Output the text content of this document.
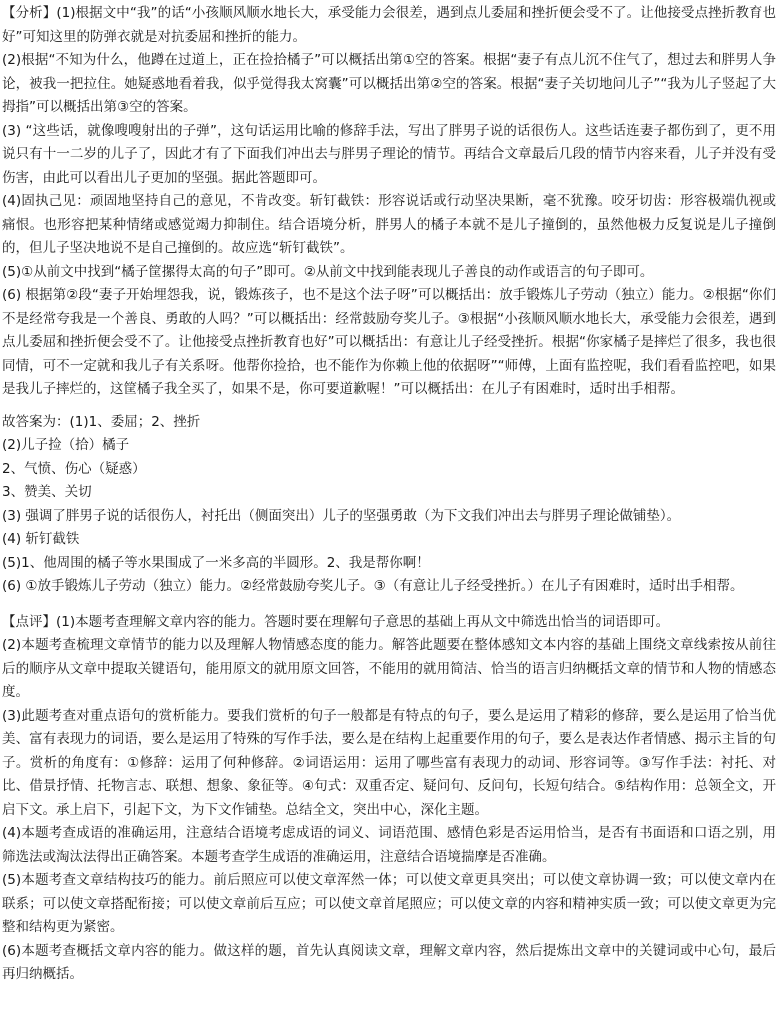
【分析】(1)根据文中“我”的话“小孩顺风顺水地长大，承受能力会很差，遇到点儿委屈和挫折便会受不了。让他接受点挫折教育也好”可知这里的防弹衣就是对抗委屈和挫折的能力。

(2)根据“不知为什么，他蹲在过道上，正在捡拾橘子”可以概括出第①空的答案。根据“妻子有点儿沉不住气了，想过去和胖男人争论，被我一把拉住。她疑惑地看着我，似乎觉得我太窝囊”可以概括出第②空的答案。根据“妻子关切地问儿子”“我为儿子竖起了大拇指”可以概括出第③空的答案。

(3) “这些话，就像嗖嗖射出的子弹”，这句话运用比喻的修辞手法，写出了胖男子说的话很伤人。这些话连妻子都伤到了，更不用说只有十一二岁的儿子了，因此才有了下面我们冲出去与胖男子理论的情节。再结合文章最后几段的情节内容来看，儿子并没有受伤害，由此可以看出儿子更加的坚强。据此答题即可。

(4)固执己见：顽固地坚持自己的意见，不肯改变。斩钉截铁：形容说话或行动坚决果断，毫不犹豫。咬牙切齿：形容极端仇视或痛恨。也形容把某种情绪或感觉竭力抑制住。结合语境分析，胖男人的橘子本就不是儿子撞倒的，虽然他极力反复说是儿子撞倒的，但儿子坚决地说不是自己撞倒的。故应选“斩钉截铁”。

(5)①从前文中找到“橘子筐摞得太高的句子”即可。②从前文中找到能表现儿子善良的动作或语言的句子即可。

(6) 根据第②段“妻子开始埋怨我，说，锻炼孩子，也不是这个法子呀”可以概括出：放手锻炼儿子劳动（独立）能力。②根据“你们不是经常夸我是一个善良、勇敢的人吗？”可以概括出：经常鼓励夸奖儿子。③根据“小孩顺风顺水地长大，承受能力会很差，遇到点儿委屈和挫折便会受不了。让他接受点挫折教育也好”可以概括出：有意让儿子经受挫折。根据“你家橘子是摔烂了很多，我也很同情，可不一定就和我儿子有关系呀。他帮你捡拾，也不能作为你赖上他的依据呀”“师傅，上面有监控呢，我们看看监控吧，如果是我儿子摔烂的，这筐橘子我全买了，如果不是，你可要道歉喔！”可以概括出：在儿子有困难时，适时出手相帮。

故答案为：(1)1、委屈；2、挫折

(2)儿子捡（拾）橘子

2、气愤、伤心（疑惑）

3、赞美、关切

(3) 强调了胖男子说的话很伤人，衬托出（侧面突出）儿子的坚强勇敢（为下文我们冲出去与胖男子理论做铺垫）。

(4) 斩钉截铁

(5)1、他周围的橘子等水果围成了一米多高的半圆形。2、我是帮你啊！

(6) ①放手锻炼儿子劳动（独立）能力。②经常鼓励夸奖儿子。③（有意让儿子经受挫折。）在儿子有困难时，适时出手相帮。

【点评】(1)本题考查理解文章内容的能力。答题时要在理解句子意思的基础上再从文中筛选出恰当的词语即可。

(2)本题考查梳理文章情节的能力以及理解人物情感态度的能力。解答此题要在整体感知文本内容的基础上围绕文章线索按从前往后的顺序从文章中提取关键语句，能用原文的就用原文回答，不能用的就用简洁、恰当的语言归纳概括文章的情节和人物的情感态度。

(3)此题考查对重点语句的赏析能力。要我们赏析的句子一般都是有特点的句子，要么是运用了精彩的修辞，要么是运用了恰当优美、富有表现力的词语，要么是运用了特殊的写作手法，要么是在结构上起重要作用的句子，要么是表达作者情感、揭示主旨的句子。赏析的角度有：①修辞：运用了何种修辞。②词语运用：运用了哪些富有表现力的动词、形容词等。③写作手法：衬托、对比、借景抒情、托物言志、联想、想象、象征等。④句式：双重否定、疑问句、反问句，长短句结合。⑤结构作用：总领全文，开启下文。承上启下，引起下文，为下文作铺垫。总结全文，突出中心，深化主题。

(4)本题考查成语的准确运用，注意结合语境考虑成语的词义、词语范围、感情色彩是否运用恰当，是否有书面语和口语之别，用筛选法或淘汰法得出正确答案。本题考查学生成语的准确运用，注意结合语境揣摩是否准确。

(5)本题考查文章结构技巧的能力。前后照应可以使文章浑然一体；可以使文章更具突出；可以使文章协调一致；可以使文章内在联系；可以使文章搭配衔接；可以使文章前后互应；可以使文章首尾照应；可以使文章的内容和精神实质一致；可以使文章更为完整和结构更为紧密。

(6)本题考查概括文章内容的能力。做这样的题，首先认真阅读文章，理解文章内容，然后提炼出文章中的关键词或中心句，最后再归纳概括。
